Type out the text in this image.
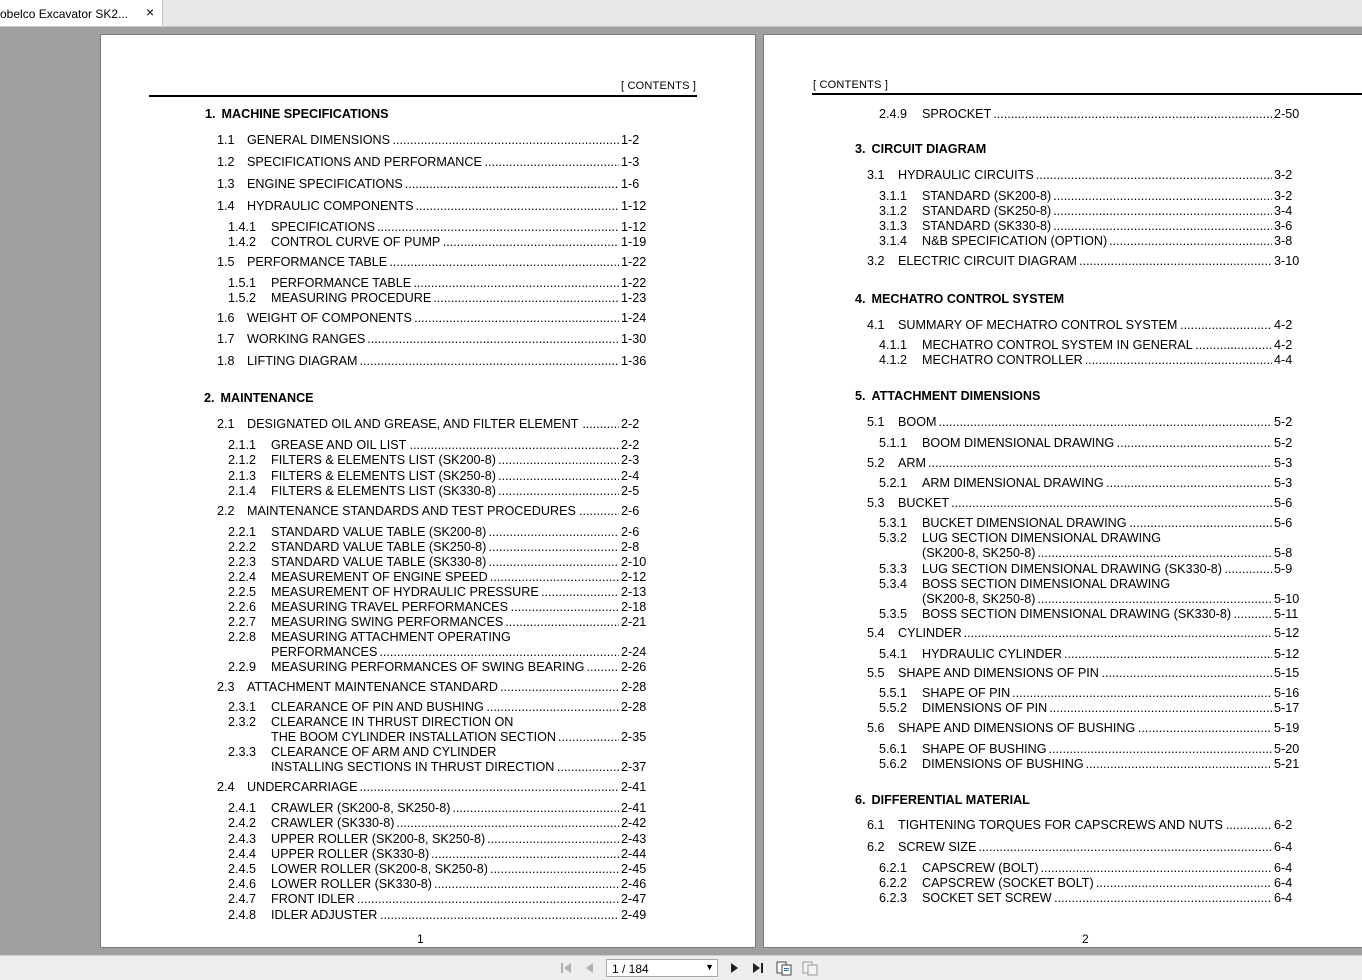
obelco Excavator SK2...	×
[ CONTENTS ]
1. MACHINE SPECIFICATIONS
2. MAINTENANCE
1.1 GENERAL DIMENSIONS .....	1-2
1.2 SPECIFICATIONS AND PERFORMANCE .....	1-3
1.3 ENGINE SPECIFICATIONS .....	1-6
1.4 HYDRAULIC COMPONENTS .....	1-12
1.4.1 SPECIFICATIONS .....	1-12
1.4.2 CONTROL CURVE OF PUMP .....	1-19
1.5 PERFORMANCE TABLE .....	1-22
1.5.1 PERFORMANCE TABLE .....	1-22
1.5.2 MEASURING PROCEDURE .....	1-23
1.6 WEIGHT OF COMPONENTS .....	1-24
1.7 WORKING RANGES .....	1-30
1.8 LIFTING DIAGRAM .....	1-36
2.1 DESIGNATED OIL AND GREASE, AND FILTER ELEMENT .....	2-2
2.1.1 GREASE AND OIL LIST .....	2-2
2.1.2 FILTERS & ELEMENTS LIST (SK200-8) .....	2-3
2.1.3 FILTERS & ELEMENTS LIST (SK250-8) .....	2-4
2.1.4 FILTERS & ELEMENTS LIST (SK330-8) .....	2-5
2.2 MAINTENANCE STANDARDS AND TEST PROCEDURES .....	2-6
2.2.1 STANDARD VALUE TABLE (SK200-8) .....	2-6
2.2.2 STANDARD VALUE TABLE (SK250-8) .....	2-8
2.2.3 STANDARD VALUE TABLE (SK330-8) .....	2-10
2.2.4 MEASUREMENT OF ENGINE SPEED .....	2-12
2.2.5 MEASUREMENT OF HYDRAULIC PRESSURE .....	2-13
2.2.6 MEASURING TRAVEL PERFORMANCES .....	2-18
2.2.7 MEASURING SWING PERFORMANCES .....	2-21
2.2.8 MEASURING ATTACHMENT OPERATING
PERFORMANCES .....	2-24
2.2.9 MEASURING PERFORMANCES OF SWING BEARING .....	2-26
2.3 ATTACHMENT MAINTENANCE STANDARD .....	2-28
2.3.1 CLEARANCE OF PIN AND BUSHING .....	2-28
2.3.2 CLEARANCE IN THRUST DIRECTION ON
THE BOOM CYLINDER INSTALLATION SECTION .....	2-35
2.3.3 CLEARANCE OF ARM AND CYLINDER
INSTALLING SECTIONS IN THRUST DIRECTION .....	2-37
2.4 UNDERCARRIAGE .....	2-41
2.4.1 CRAWLER (SK200-8, SK250-8) .....	2-41
2.4.2 CRAWLER (SK330-8) .....	2-42
2.4.3 UPPER ROLLER (SK200-8, SK250-8) .....	2-43
2.4.4 UPPER ROLLER (SK330-8) .....	2-44
2.4.5 LOWER ROLLER (SK200-8, SK250-8) .....	2-45
2.4.6 LOWER ROLLER (SK330-8) .....	2-46
2.4.7 FRONT IDLER .....	2-47
2.4.8 IDLER ADJUSTER .....	2-49
1
[ CONTENTS ]
3. CIRCUIT DIAGRAM
4. MECHATRO CONTROL SYSTEM
5. ATTACHMENT DIMENSIONS
6. DIFFERENTIAL MATERIAL
2.4.9 SPROCKET .....	2-50
3.1 HYDRAULIC CIRCUITS .....	3-2
3.1.1 STANDARD (SK200-8) .....	3-2
3.1.2 STANDARD (SK250-8) .....	3-4
3.1.3 STANDARD (SK330-8) .....	3-6
3.1.4 N&B SPECIFICATION (OPTION) .....	3-8
3.2 ELECTRIC CIRCUIT DIAGRAM .....	3-10
4.1 SUMMARY OF MECHATRO CONTROL SYSTEM .....	4-2
4.1.1 MECHATRO CONTROL SYSTEM IN GENERAL .....	4-2
4.1.2 MECHATRO CONTROLLER .....	4-4
5.1 BOOM .....	5-2
5.1.1 BOOM DIMENSIONAL DRAWING .....	5-2
5.2 ARM .....	5-3
5.2.1 ARM DIMENSIONAL DRAWING .....	5-3
5.3 BUCKET .....	5-6
5.3.1 BUCKET DIMENSIONAL DRAWING .....	5-6
5.3.2 LUG SECTION DIMENSIONAL DRAWING
(SK200-8, SK250-8) .....	5-8
5.3.3 LUG SECTION DIMENSIONAL DRAWING (SK330-8) .....	5-9
5.3.4 BOSS SECTION DIMENSIONAL DRAWING
(SK200-8, SK250-8) .....	5-10
5.3.5 BOSS SECTION DIMENSIONAL DRAWING (SK330-8) .....	5-11
5.4 CYLINDER .....	5-12
5.4.1 HYDRAULIC CYLINDER .....	5-12
5.5 SHAPE AND DIMENSIONS OF PIN .....	5-15
5.5.1 SHAPE OF PIN .....	5-16
5.5.2 DIMENSIONS OF PIN .....	5-17
5.6 SHAPE AND DIMENSIONS OF BUSHING .....	5-19
5.6.1 SHAPE OF BUSHING .....	5-20
5.6.2 DIMENSIONS OF BUSHING .....	5-21
6.1 TIGHTENING TORQUES FOR CAPSCREWS AND NUTS .....	6-2
6.2 SCREW SIZE .....	6-4
6.2.1 CAPSCREW (BOLT) .....	6-4
6.2.2 CAPSCREW (SOCKET BOLT) .....	6-4
6.2.3 SOCKET SET SCREW .....	6-4
2
1 / 184	▼
